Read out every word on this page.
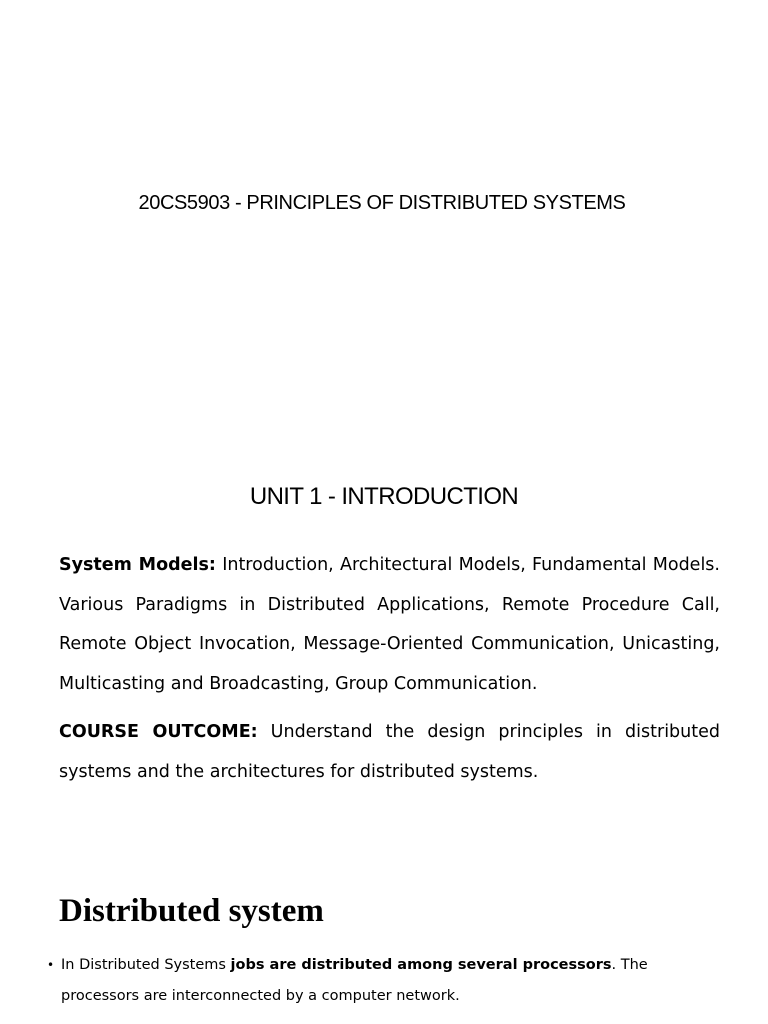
20CS5903 - PRINCIPLES OF DISTRIBUTED SYSTEMS
UNIT 1 - INTRODUCTION

System Models: Introduction, Architectural Models, Fundamental Models. Various Paradigms in Distributed Applications, Remote Procedure Call, Remote Object Invocation, Message-Oriented Communication, Unicasting, Multicasting and Broadcasting, Group Communication.

COURSE OUTCOME: Understand the design principles in distributed systems and the architectures for distributed systems.

Distributed system
• In Distributed Systems jobs are distributed among several processors. The processors are interconnected by a computer network.
